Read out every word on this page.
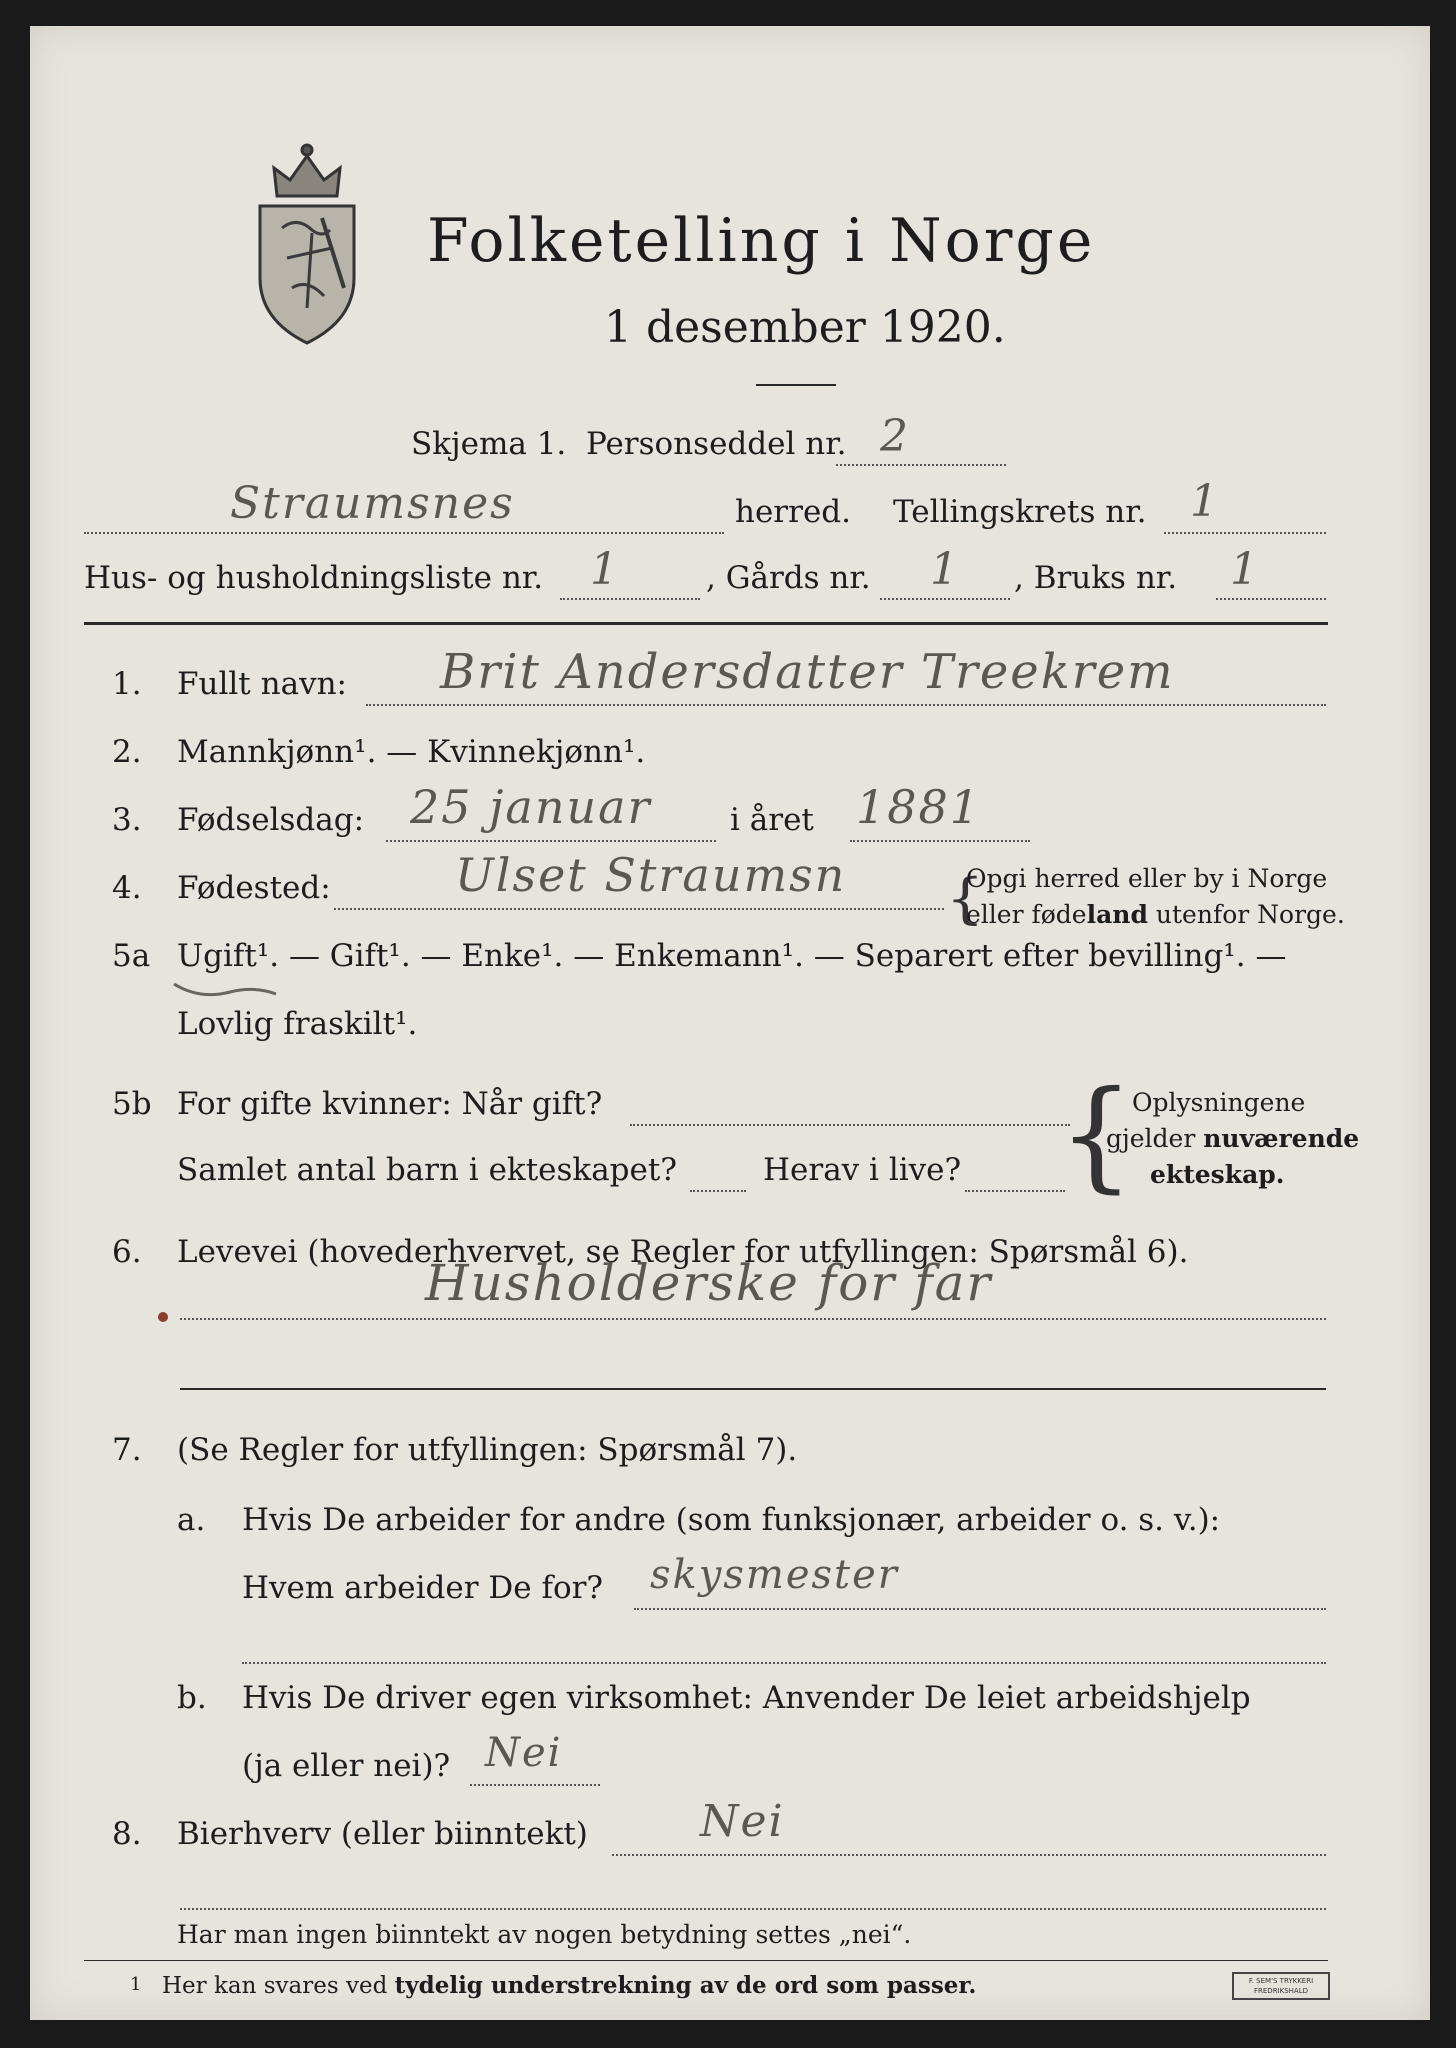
Folketelling i Norge
1 desember 1920.
Skjema 1. Personseddel nr. 2
Straumsnes	herred. Tellingskrets nr. 1
Hus- og husholdningsliste nr. 1	, Gårds nr. 1 , Bruks nr. 1
1. Fullt navn: Brit Andersdatter Treekrem
2. Mannkjønn¹. — Kvinnekjønn¹.
3. Fødselsdag: 25 januar	i året 1881
4. Fødested:	Ulset Straumsn {
Opgi herred eller by i Norge
eller fødeland utenfor Norge.
5a Ugift¹. — Gift¹. — Enke¹. — Enkemann¹. — Separert efter bevilling¹. —
Lovlig fraskilt¹.
5b For gifte kvinner: Når gift?
Samlet antal barn i ekteskapet?	Herav i live? {
Oplysningene
gjelder nuværende
ekteskap.
6. Levevei (hovederhvervet, se Regler for utfyllingen: Spørsmål 6).
Husholderske for far
7. (Se Regler for utfyllingen: Spørsmål 7).
a. Hvis De arbeider for andre (som funksjonær, arbeider o. s. v.):
Hvem arbeider De for? skysmester
b. Hvis De driver egen virksomhet: Anvender De leiet arbeidshjelp
(ja eller nei)? Nei
8. Bierhverv (eller biinntekt)	Nei
Har man ingen biinntekt av nogen betydning settes „nei“.
1 Her kan svares ved tydelig understrekning av de ord som passer.	F. SEM'S TRYKKERI FREDRIKSHALD
